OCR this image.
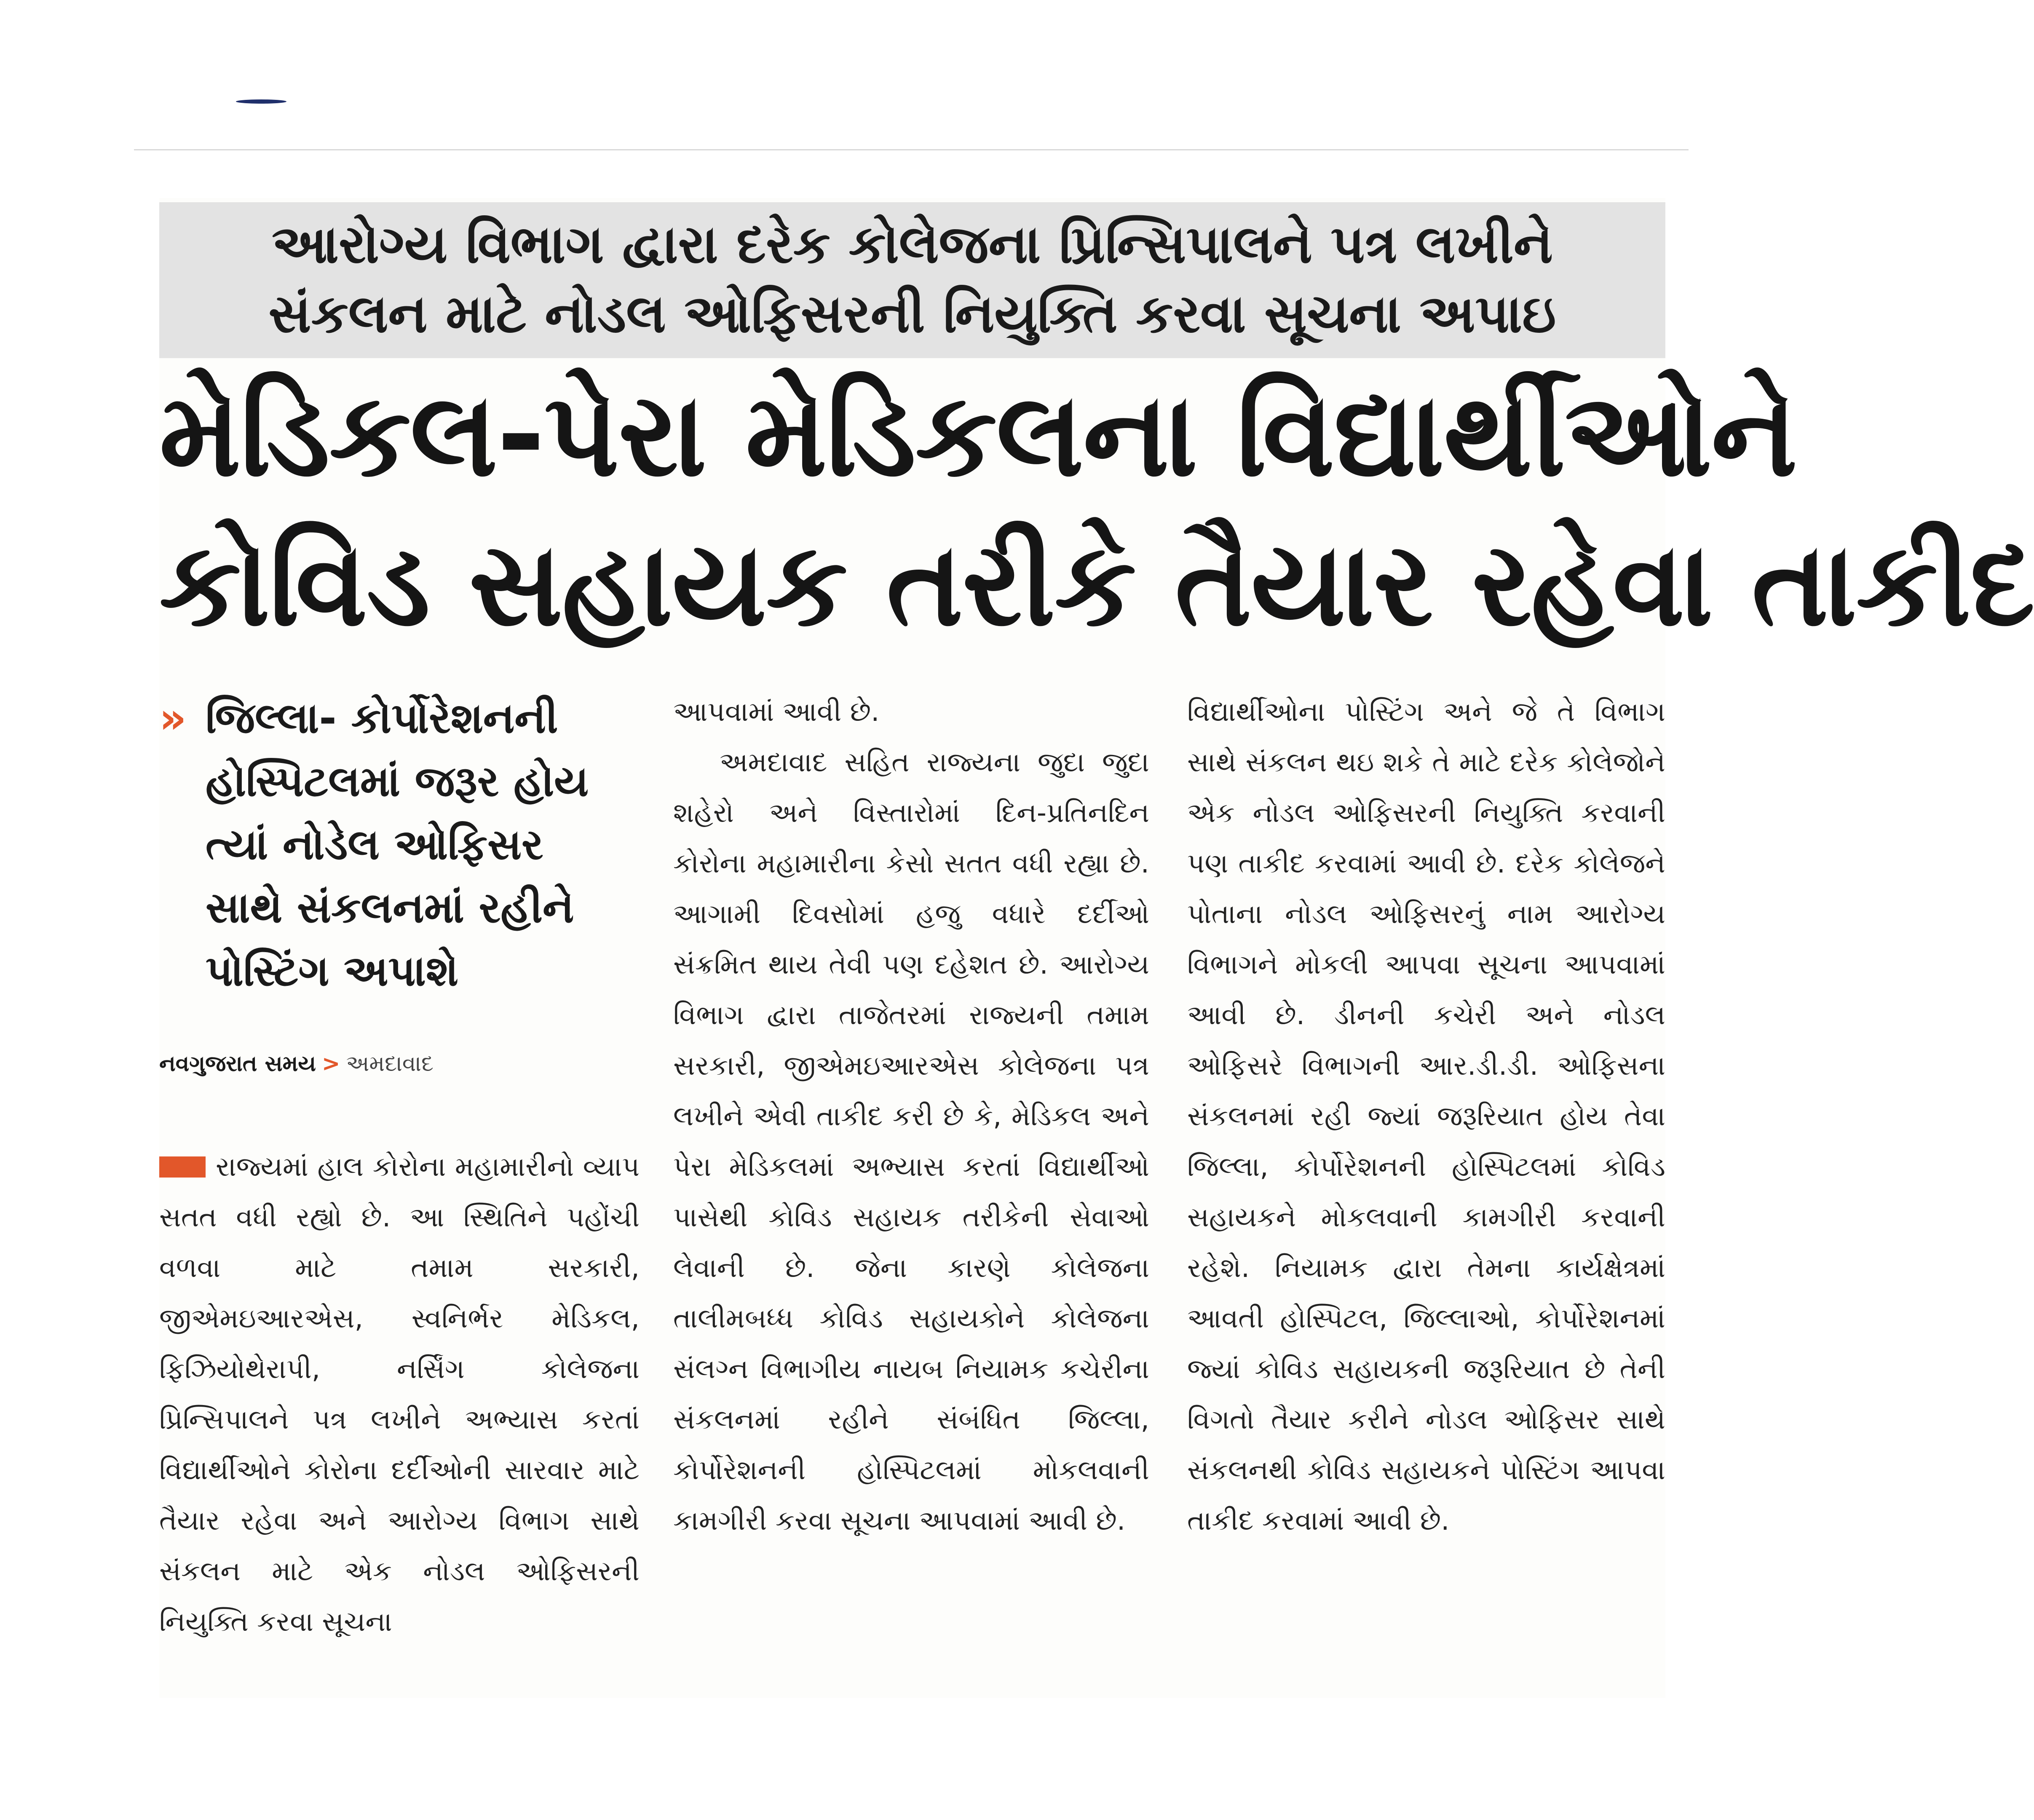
આરોગ્ય વિભાગ દ્વારા દરેક કોલેજના પ્રિન્સિપાલને પત્ર લખીને
સંકલન માટે નોડલ ઓફિસરની નિયુક્તિ કરવા સૂચના અપાઇ
મેડિકલ-પેરા મેડિકલના વિદ્યાર્થીઓને
કોવિડ સહાયક તરીકે તૈયાર રહેવા તાકીદ
» જિલ્લા- કોર્પોરેશનની
હોસ્પિટલમાં જરૂર હોય
ત્યાં નોડેલ ઓફિસર
સાથે સંકલનમાં રહીને
પોસ્ટિંગ અપાશે
નવગુજરાત સમય > અમદાવાદ
રાજ્યમાં હાલ કોરોના મહામારીનો વ્યાપ સતત વધી રહ્યો છે. આ સ્થિતિને પહોંચી વળવા માટે તમામ સરકારી, જીએમઇઆરએસ, સ્વનિર્ભર મેડિકલ, ફિઝિયોથેરાપી, નર્સિંગ કોલેજના પ્રિન્સિપાલને પત્ર લખીને અભ્યાસ કરતાં વિદ્યાર્થીઓને કોરોના દર્દીઓની સારવાર માટે તૈયાર રહેવા અને આરોગ્ય વિભાગ સાથે સંકલન માટે એક નોડલ ઓફિસરની નિયુક્તિ કરવા સૂચના
આપવામાં આવી છે.
અમદાવાદ સહિત રાજ્યના જુદા જુદા શહેરો અને વિસ્તારોમાં દિન-પ્રતિનદિન કોરોના મહામારીના કેસો સતત વધી રહ્યા છે. આગામી દિવસોમાં હજુ વધારે દર્દીઓ સંક્રમિત થાય તેવી પણ દહેશત છે. આરોગ્ય વિભાગ દ્વારા તાજેતરમાં રાજ્યની તમામ સરકારી, જીએમઇઆરએસ કોલેજના પત્ર લખીને એવી તાકીદ કરી છે કે, મેડિકલ અને પેરા મેડિકલમાં અભ્યાસ કરતાં વિદ્યાર્થીઓ પાસેથી કોવિડ સહાયક તરીકેની સેવાઓ લેવાની છે. જેના કારણે કોલેજના તાલીમબધ્ધ કોવિડ સહાયકોને કોલેજના સંલગ્ન વિભાગીય નાયબ નિયામક કચેરીના સંકલનમાં રહીને સંબંધિત જિલ્લા, કોર્પોરેશનની હોસ્પિટલમાં મોકલવાની કામગીરી કરવા સૂચના આપવામાં આવી છે.
વિદ્યાર્થીઓના પોસ્ટિંગ અને જે તે વિભાગ સાથે સંકલન થઇ શકે તે માટે દરેક કોલેજોને એક નોડલ ઓફિસરની નિયુક્તિ કરવાની પણ તાકીદ કરવામાં આવી છે. દરેક કોલેજને પોતાના નોડલ ઓફિસરનું નામ આરોગ્ય વિભાગને મોકલી આપવા સૂચના આપવામાં આવી છે. ડીનની કચેરી અને નોડલ ઓફિસરે વિભાગની આર.ડી.ડી. ઓફિસના સંકલનમાં રહી જ્યાં જરૂરિયાત હોય તેવા જિલ્લા, કોર્પોરેશનની હોસ્પિટલમાં કોવિડ સહાયકને મોકલવાની કામગીરી કરવાની રહેશે. નિયામક દ્વારા તેમના કાર્યક્ષેત્રમાં આવતી હોસ્પિટલ, જિલ્લાઓ, કોર્પોરેશનમાં જ્યાં કોવિડ સહાયકની જરૂરિયાત છે તેની વિગતો તૈયાર કરીને નોડલ ઓફિસર સાથે સંકલનથી કોવિડ સહાયકને પોસ્ટિંગ આપવા તાકીદ કરવામાં આવી છે.
